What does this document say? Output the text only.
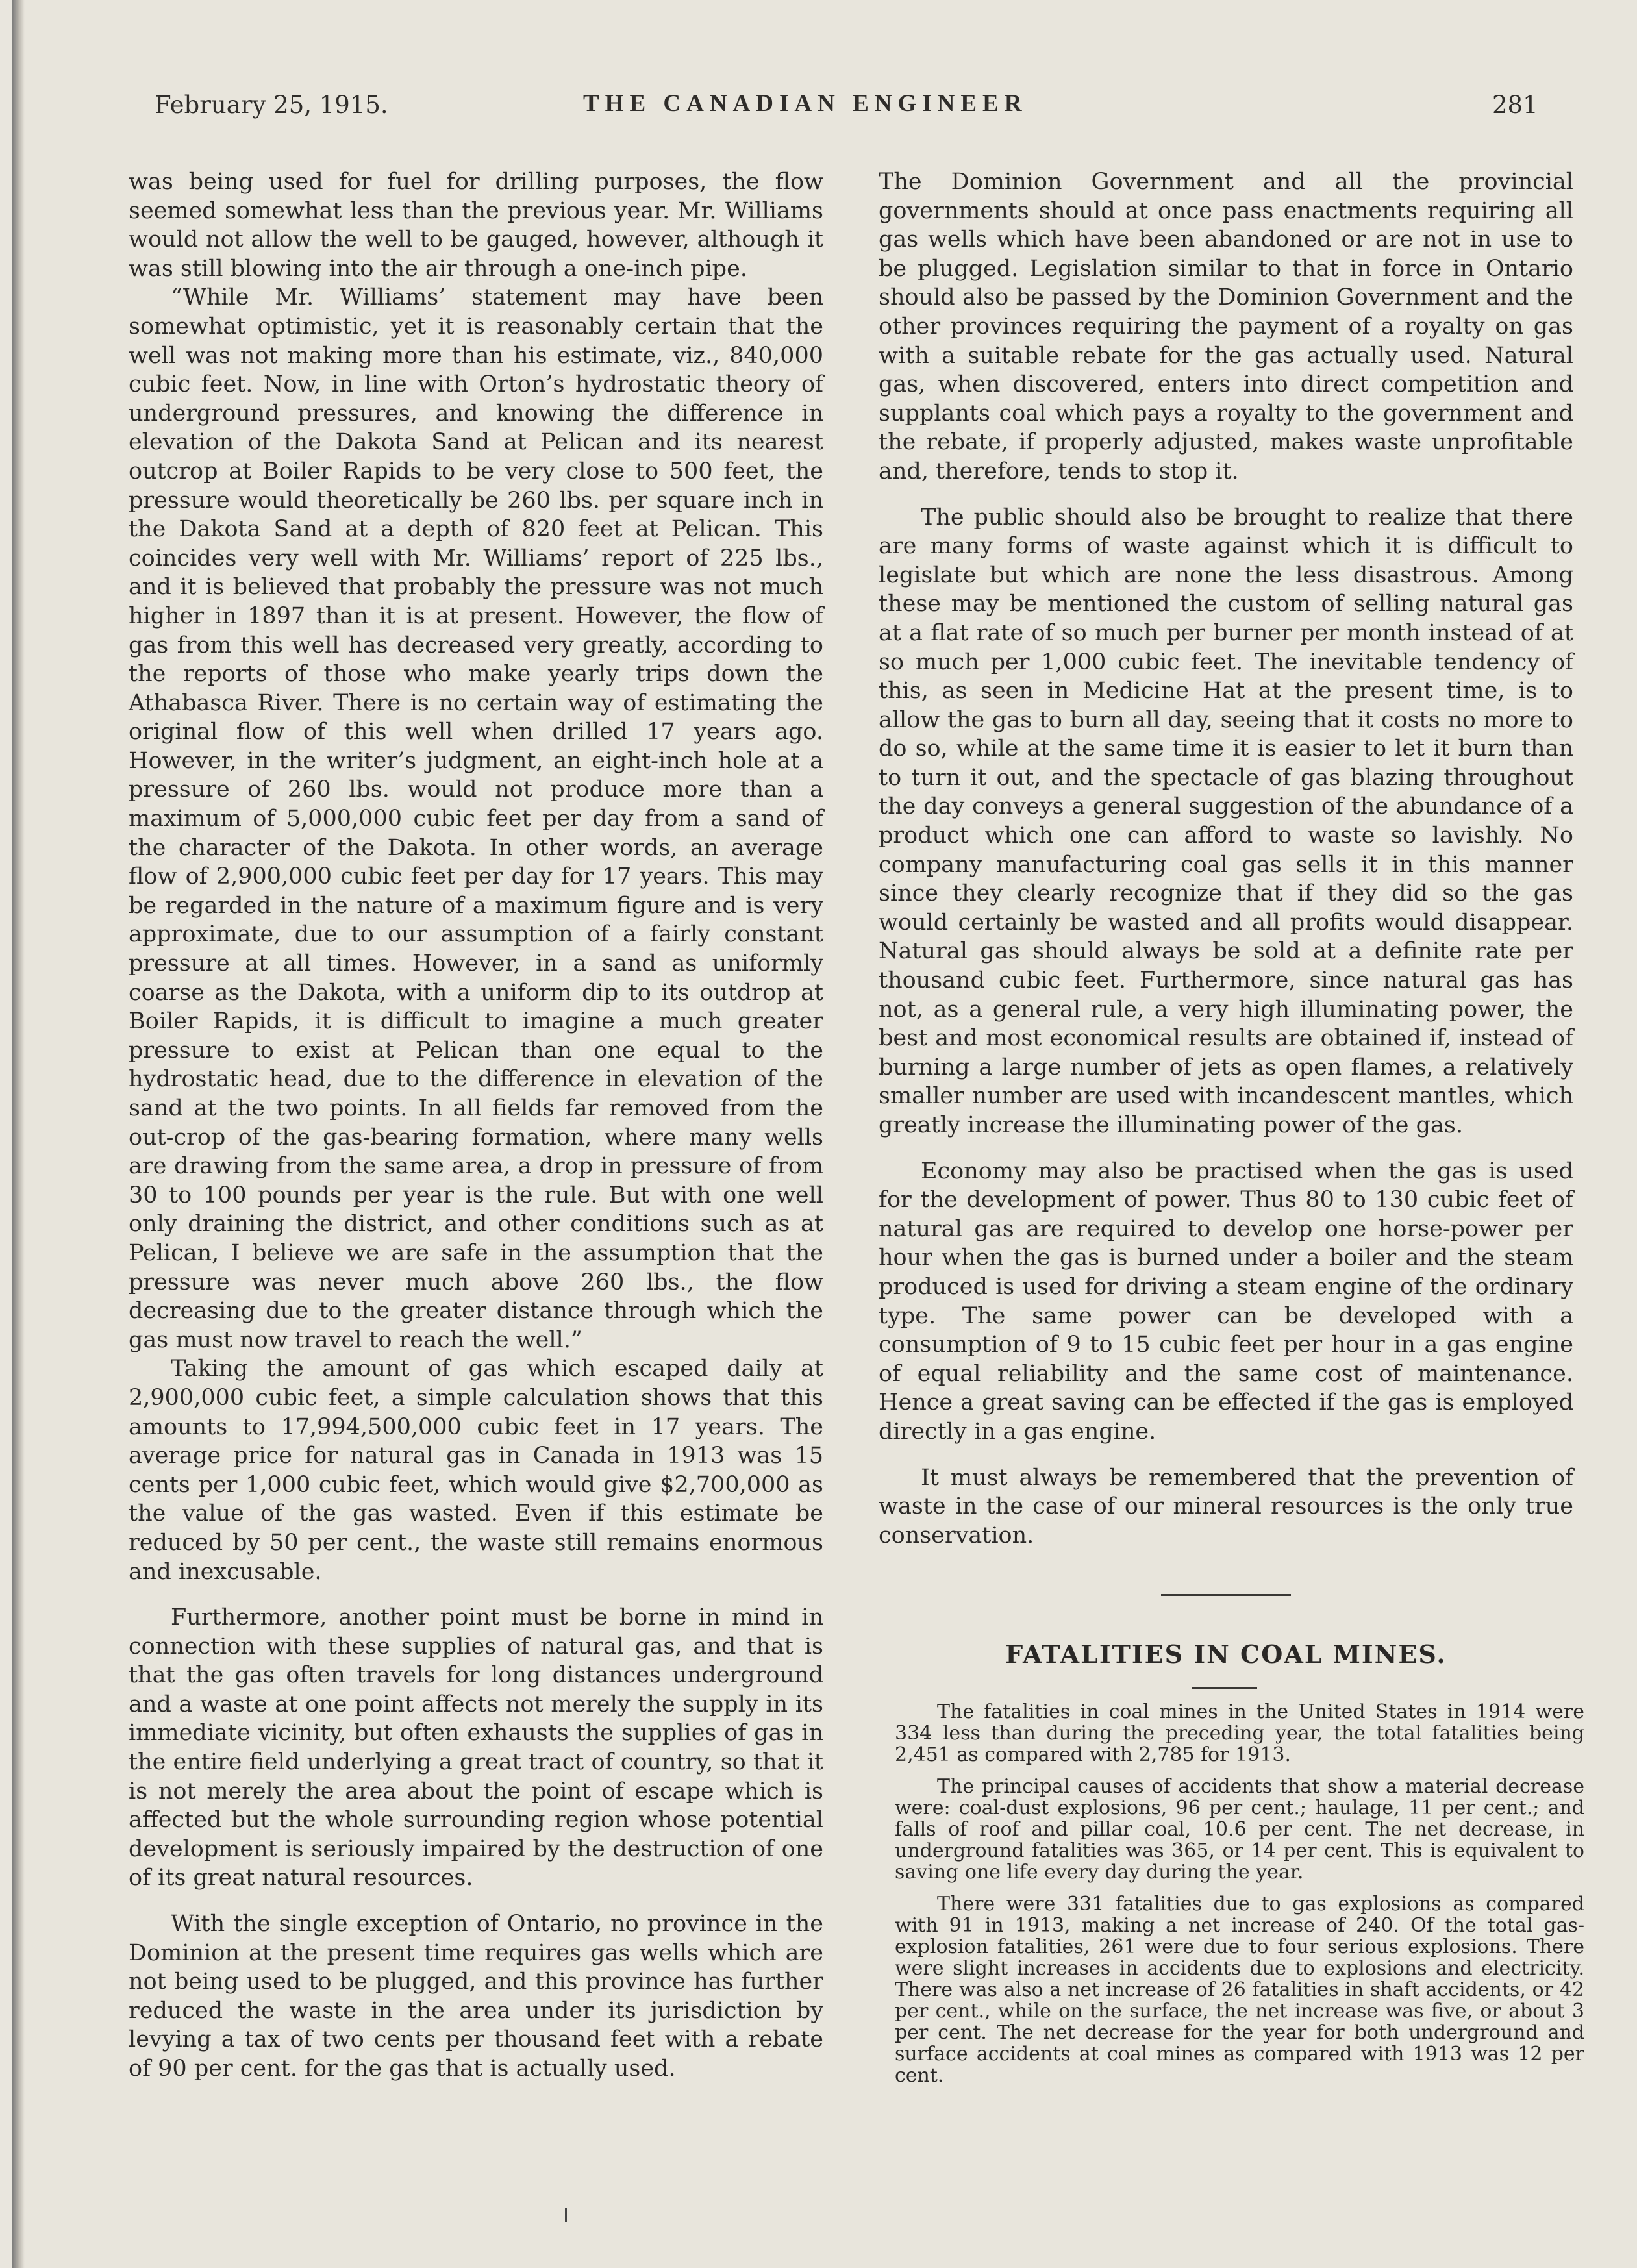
February 25, 1915.	THE CANADIAN ENGINEER	281

was being used for fuel for drilling purposes, the flow seemed somewhat less than the previous year. Mr. Williams would not allow the well to be gauged, however, although it was still blowing into the air through a one-inch pipe.

“While Mr. Williams’ statement may have been somewhat optimistic, yet it is reasonably certain that the well was not making more than his estimate, viz., 840,000 cubic feet. Now, in line with Orton’s hydrostatic theory of underground pressures, and knowing the difference in elevation of the Dakota Sand at Pelican and its nearest outcrop at Boiler Rapids to be very close to 500 feet, the pressure would theoretically be 260 lbs. per square inch in the Dakota Sand at a depth of 820 feet at Pelican. This coincides very well with Mr. Williams’ report of 225 lbs., and it is believed that probably the pressure was not much higher in 1897 than it is at present. However, the flow of gas from this well has decreased very greatly, according to the reports of those who make yearly trips down the Athabasca River. There is no certain way of estimating the original flow of this well when drilled 17 years ago. However, in the writer’s judgment, an eight-inch hole at a pressure of 260 lbs. would not produce more than a maximum of 5,000,000 cubic feet per day from a sand of the character of the Dakota. In other words, an average flow of 2,900,000 cubic feet per day for 17 years. This may be regarded in the nature of a maximum figure and is very approximate, due to our assumption of a fairly constant pressure at all times. However, in a sand as uniformly coarse as the Dakota, with a uniform dip to its outdrop at Boiler Rapids, it is difficult to imagine a much greater pressure to exist at Pelican than one equal to the hydrostatic head, due to the difference in elevation of the sand at the two points. In all fields far removed from the out-crop of the gas-bearing formation, where many wells are drawing from the same area, a drop in pressure of from 30 to 100 pounds per year is the rule. But with one well only draining the district, and other conditions such as at Pelican, I believe we are safe in the assumption that the pressure was never much above 260 lbs., the flow decreasing due to the greater distance through which the gas must now travel to reach the well.”

Taking the amount of gas which escaped daily at 2,900,000 cubic feet, a simple calculation shows that this amounts to 17,994,500,000 cubic feet in 17 years. The average price for natural gas in Canada in 1913 was 15 cents per 1,000 cubic feet, which would give $2,700,000 as the value of the gas wasted. Even if this estimate be reduced by 50 per cent., the waste still remains enormous and inexcusable.

Furthermore, another point must be borne in mind in connection with these supplies of natural gas, and that is that the gas often travels for long distances underground and a waste at one point affects not merely the supply in its immediate vicinity, but often exhausts the supplies of gas in the entire field underlying a great tract of country, so that it is not merely the area about the point of escape which is affected but the whole surrounding region whose potential development is seriously impaired by the destruction of one of its great natural resources.

With the single exception of Ontario, no province in the Dominion at the present time requires gas wells which are not being used to be plugged, and this province has further reduced the waste in the area under its jurisdiction by levying a tax of two cents per thousand feet with a rebate of 90 per cent. for the gas that is actually used.

The Dominion Government and all the provincial governments should at once pass enactments requiring all gas wells which have been abandoned or are not in use to be plugged. Legislation similar to that in force in Ontario should also be passed by the Dominion Government and the other provinces requiring the payment of a royalty on gas with a suitable rebate for the gas actually used. Natural gas, when discovered, enters into direct competition and supplants coal which pays a royalty to the government and the rebate, if properly adjusted, makes waste unprofitable and, therefore, tends to stop it.

The public should also be brought to realize that there are many forms of waste against which it is difficult to legislate but which are none the less disastrous. Among these may be mentioned the custom of selling natural gas at a flat rate of so much per burner per month instead of at so much per 1,000 cubic feet. The inevitable tendency of this, as seen in Medicine Hat at the present time, is to allow the gas to burn all day, seeing that it costs no more to do so, while at the same time it is easier to let it burn than to turn it out, and the spectacle of gas blazing throughout the day conveys a general suggestion of the abundance of a product which one can afford to waste so lavishly. No company manufacturing coal gas sells it in this manner since they clearly recognize that if they did so the gas would certainly be wasted and all profits would disappear. Natural gas should always be sold at a definite rate per thousand cubic feet. Furthermore, since natural gas has not, as a general rule, a very high illuminating power, the best and most economical results are obtained if, instead of burning a large number of jets as open flames, a relatively smaller number are used with incandescent mantles, which greatly increase the illuminating power of the gas.

Economy may also be practised when the gas is used for the development of power. Thus 80 to 130 cubic feet of natural gas are required to develop one horse-power per hour when the gas is burned under a boiler and the steam produced is used for driving a steam engine of the ordinary type. The same power can be developed with a consumption of 9 to 15 cubic feet per hour in a gas engine of equal reliability and the same cost of maintenance. Hence a great saving can be effected if the gas is employed directly in a gas engine.

It must always be remembered that the prevention of waste in the case of our mineral resources is the only true conservation.

FATALITIES IN COAL MINES.

The fatalities in coal mines in the United States in 1914 were 334 less than during the preceding year, the total fatalities being 2,451 as compared with 2,785 for 1913.

The principal causes of accidents that show a material decrease were: coal-dust explosions, 96 per cent.; haulage, 11 per cent.; and falls of roof and pillar coal, 10.6 per cent. The net decrease, in underground fatalities was 365, or 14 per cent. This is equivalent to saving one life every day during the year.

There were 331 fatalities due to gas explosions as compared with 91 in 1913, making a net increase of 240. Of the total gas-explosion fatalities, 261 were due to four serious explosions. There were slight increases in accidents due to explosions and electricity. There was also a net increase of 26 fatalities in shaft accidents, or 42 per cent., while on the surface, the net increase was five, or about 3 per cent. The net decrease for the year for both underground and surface accidents at coal mines as compared with 1913 was 12 per cent.
